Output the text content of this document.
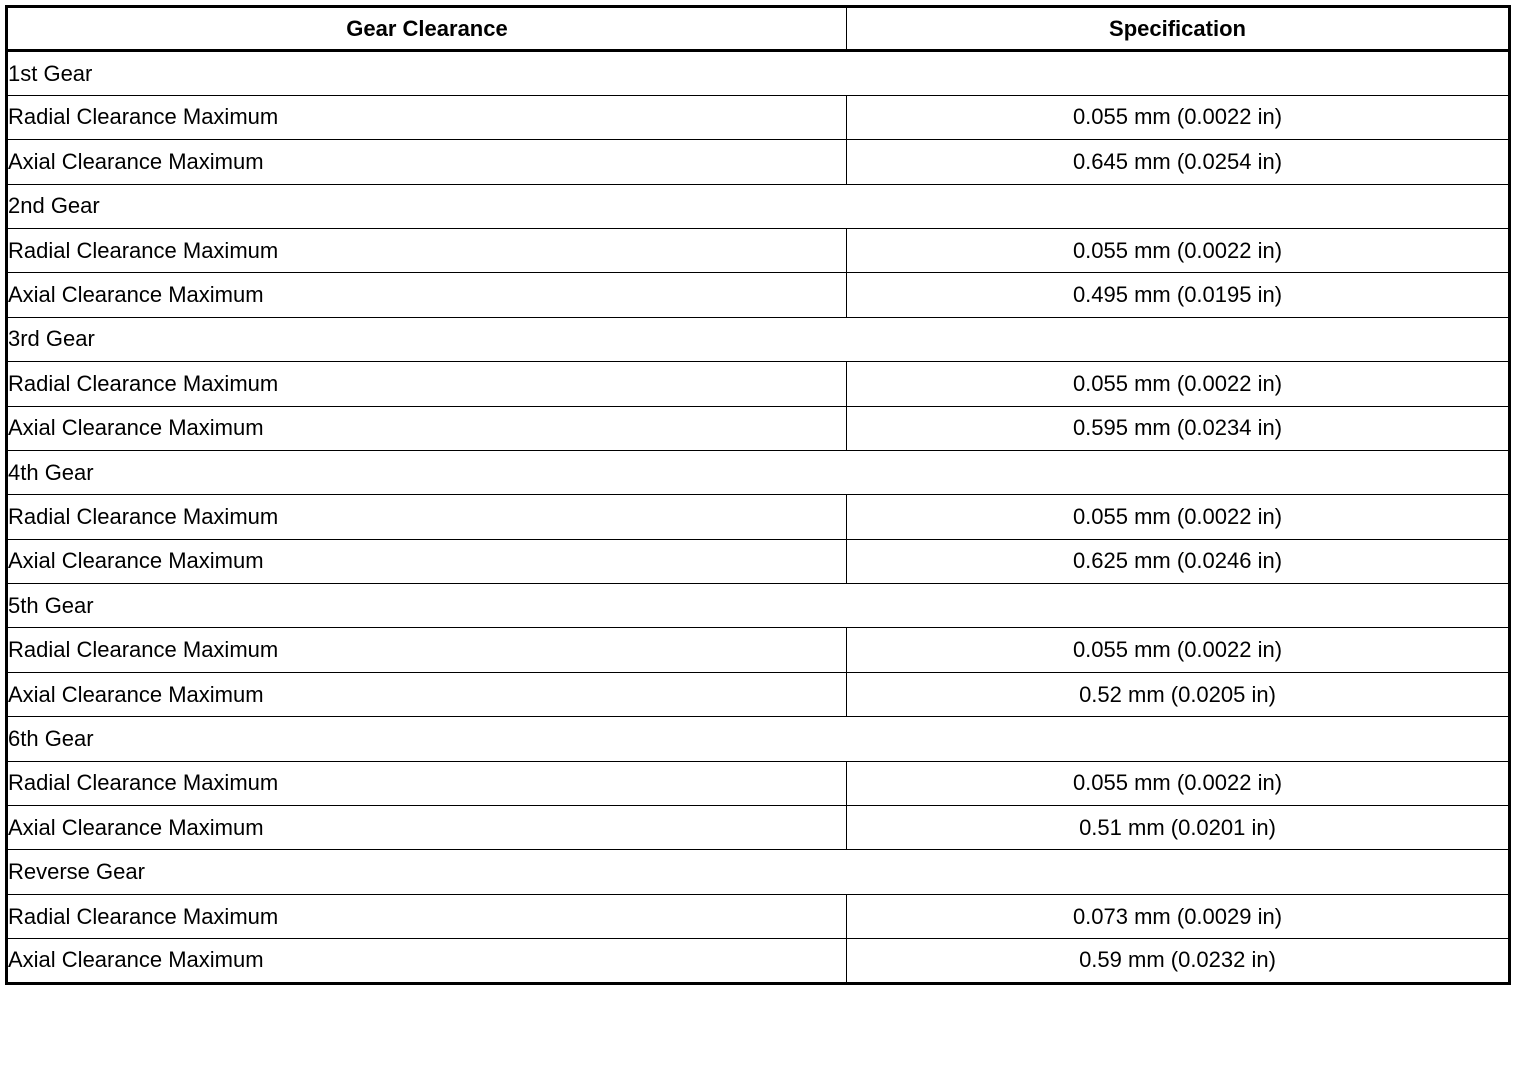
Gear Clearance	Specification
1st Gear	
Radial Clearance Maximum	0.055 mm (0.0022 in)
Axial Clearance Maximum	0.645 mm (0.0254 in)
2nd Gear	
Radial Clearance Maximum	0.055 mm (0.0022 in)
Axial Clearance Maximum	0.495 mm (0.0195 in)
3rd Gear	
Radial Clearance Maximum	0.055 mm (0.0022 in)
Axial Clearance Maximum	0.595 mm (0.0234 in)
4th Gear	
Radial Clearance Maximum	0.055 mm (0.0022 in)
Axial Clearance Maximum	0.625 mm (0.0246 in)
5th Gear	
Radial Clearance Maximum	0.055 mm (0.0022 in)
Axial Clearance Maximum	0.52 mm (0.0205 in)
6th Gear	
Radial Clearance Maximum	0.055 mm (0.0022 in)
Axial Clearance Maximum	0.51 mm (0.0201 in)
Reverse Gear	
Radial Clearance Maximum	0.073 mm (0.0029 in)
Axial Clearance Maximum	0.59 mm (0.0232 in)
